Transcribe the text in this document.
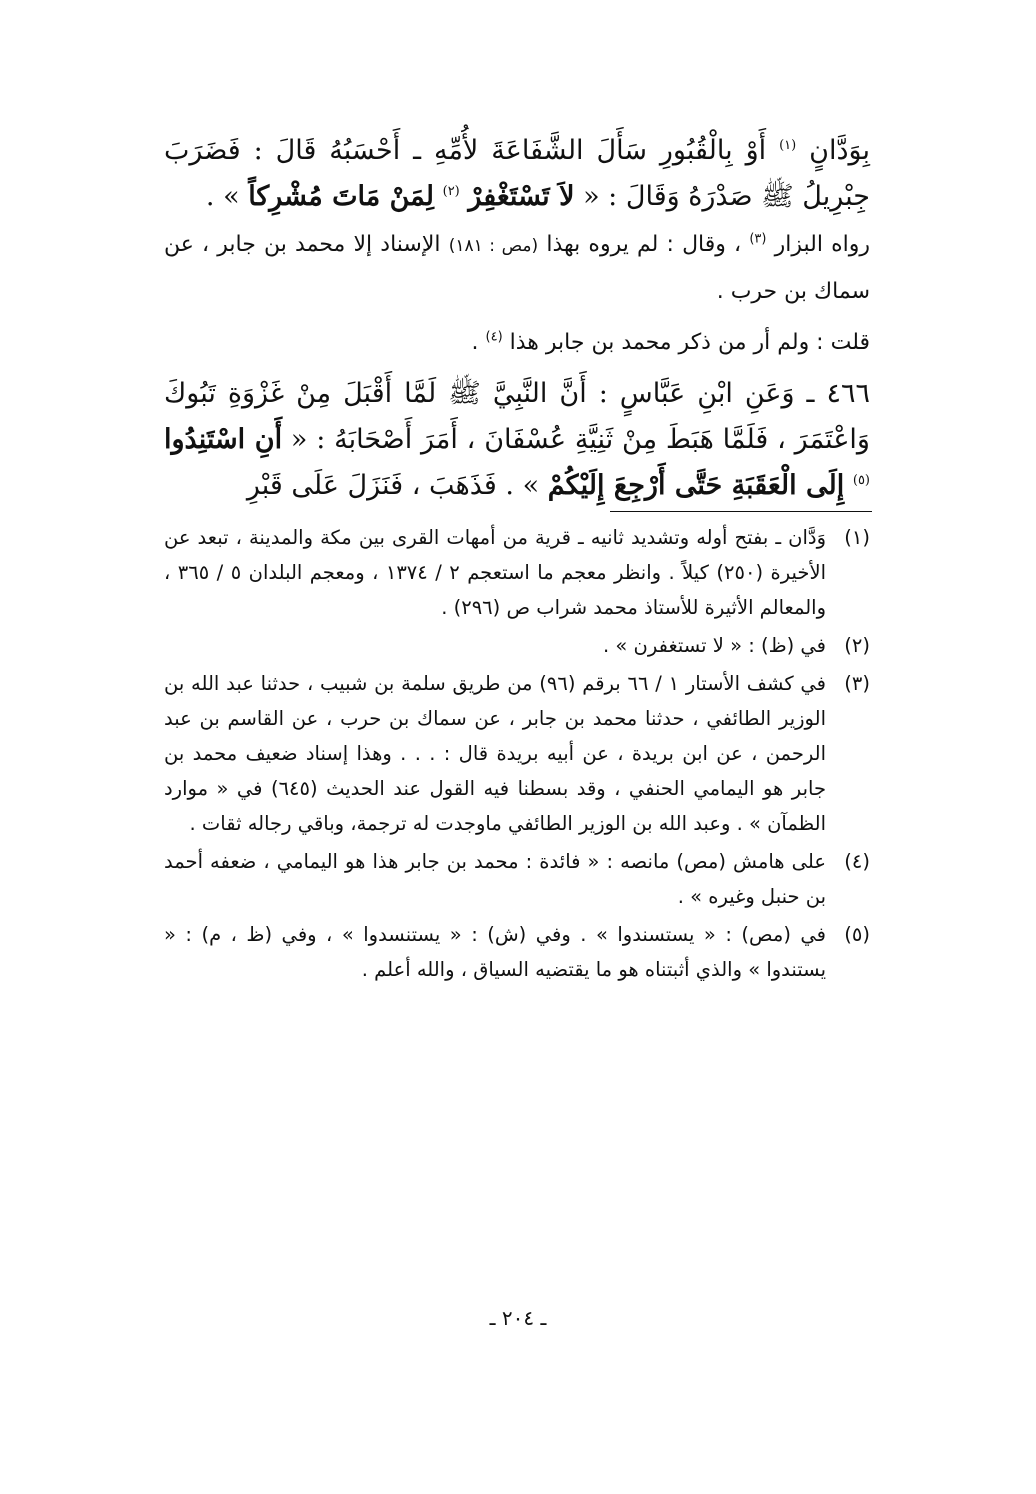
بِوَدَّانٍ $^{(١)}$ أَوْ بِالْقُبُورِ سَأَلَ الشَّفَاعَةَ لأُمِّهِ ـ أَحْسَبُهُ قَالَ : فَضَرَبَ جِبْرِيلُ ﷺ صَدْرَهُ وَقَالَ : « لاَ تَسْتَغْفِرْ $^{(٢)}$ لِمَنْ مَاتَ مُشْرِكاً » .

رواه البزار $^{(٣)}$ ، وقال : لم يروه بهذا (مص : ١٨١) الإسناد إلا محمد بن جابر ، عن سماك بن حرب .

قلت : ولم أر من ذكر محمد بن جابر هذا $^{(٤)}$ .

٤٦٦ ـ وَعَنِ ابْنِ عَبَّاسٍ : أَنَّ النَّبِيَّ ﷺ لَمَّا أَقْبَلَ مِنْ غَزْوَةِ تَبُوكَ وَاعْتَمَرَ ، فَلَمَّا هَبَطَ مِنْ ثَنِيَّةِ عُسْفَانَ ، أَمَرَ أَصْحَابَهُ : « أَنِ اسْتَنِدُوا $^{(٥)}$ إِلَى الْعَقَبَةِ حَتَّى أَرْجِعَ إِلَيْكُمْ » . فَذَهَبَ ، فَنَزَلَ عَلَى قَبْرِ

(١)
وَدَّان ـ بفتح أوله وتشديد ثانيه ـ قرية من أمهات القرى بين مكة والمدينة ، تبعد عن الأخيرة (٢٥٠) كيلاً . وانظر معجم ما استعجم ٢ / ١٣٧٤ ، ومعجم البلدان ٥ / ٣٦٥ ، والمعالم الأثيرة للأستاذ محمد شراب ص (٢٩٦) .
(٢)
في (ظ) : « لا تستغفرن » .
(٣)
في كشف الأستار ١ / ٦٦ برقم (٩٦) من طريق سلمة بن شبيب ، حدثنا عبد الله بن الوزير الطائفي ، حدثنا محمد بن جابر ، عن سماك بن حرب ، عن القاسم بن عبد الرحمن ، عن ابن بريدة ، عن أبيه بريدة قال : . . . وهذا إسناد ضعيف محمد بن جابر هو اليمامي الحنفي ، وقد بسطنا فيه القول عند الحديث (٦٤٥) في « موارد الظمآن » . وعبد الله بن الوزير الطائفي ماوجدت له ترجمة، وباقي رجاله ثقات .
(٤)
على هامش (مص) مانصه : « فائدة : محمد بن جابر هذا هو اليمامي ، ضعفه أحمد بن حنبل وغيره » .
(٥)
في (مص) : « يستسندوا » . وفي (ش) : « يستنسدوا » ، وفي (ظ ، م) : « يستندوا » والذي أثبتناه هو ما يقتضيه السياق ، والله أعلم .
ـ ٢٠٤ ـ
